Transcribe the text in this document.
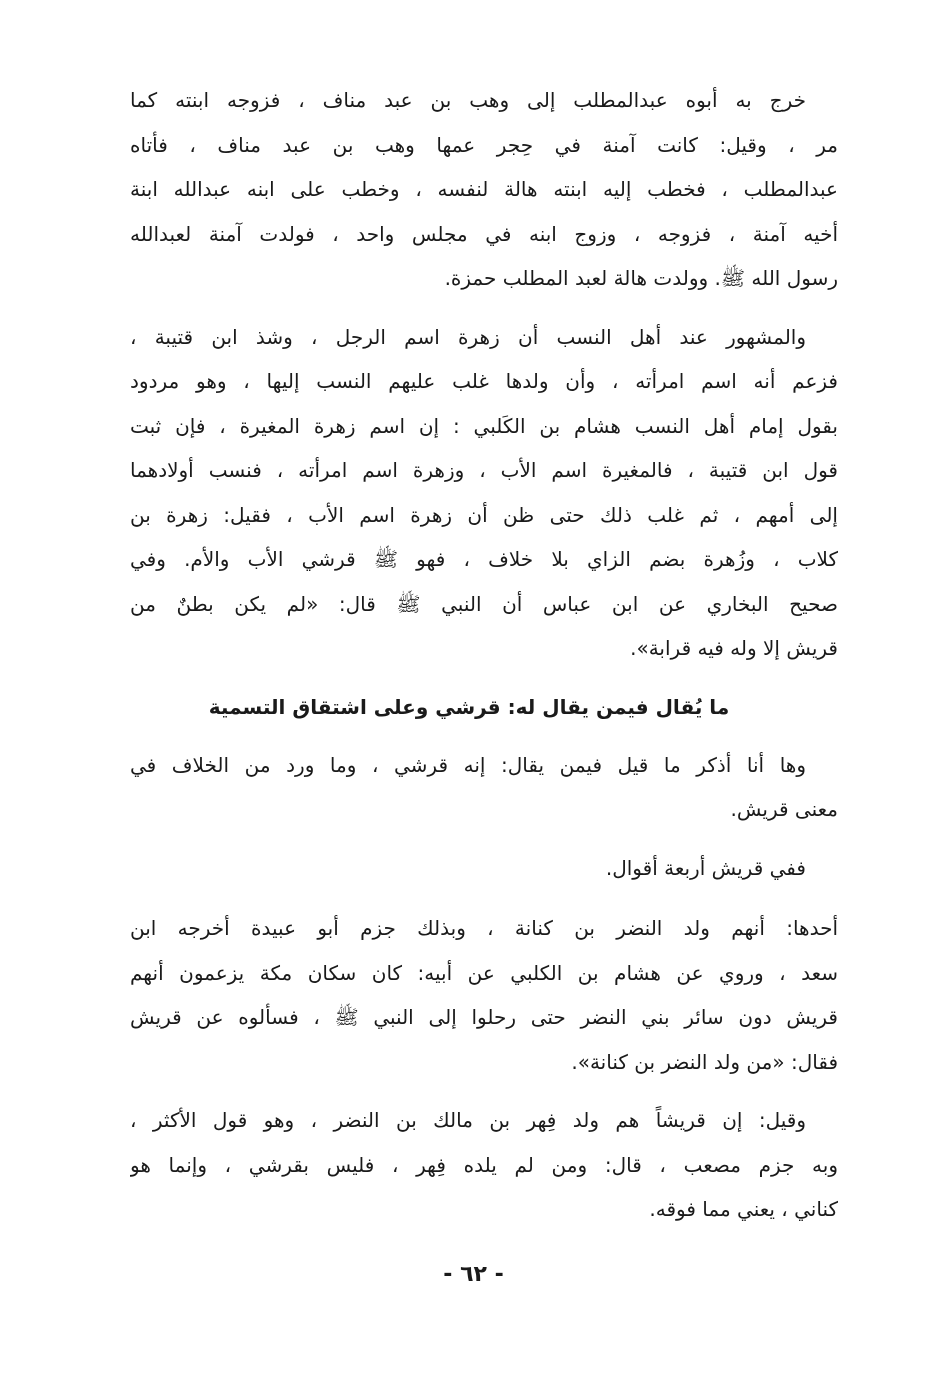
خرج به أبوه عبدالمطلب إلى وهب بن عبد مناف ، فزوجه ابنته كما
مر ، وقيل: كانت آمنة في حِجر عمها وهب بن عبد مناف ، فأتاه
عبدالمطلب ، فخطب إليه ابنته هالة لنفسه ، وخطب على ابنه عبدالله ابنة
أخيه آمنة ، فزوجه ، وزوج ابنه في مجلس واحد ، فولدت آمنة لعبدالله
رسول الله ﷺ. وولدت هالة لعبد المطلب حمزة.

والمشهور عند أهل النسب أن زهرة اسم الرجل ، وشذ ابن قتيبة ،
فزعم أنه اسم امرأته ، وأن ولدها غلب عليهم النسب إليها ، وهو مردود
بقول إمام أهل النسب هشام بن الكَلبي : إن اسم زهرة المغيرة ، فإن ثبت
قول ابن قتيبة ، فالمغيرة اسم الأب ، وزهرة اسم امرأته ، فنسب أولادهما
إلى أمهم ، ثم غلب ذلك حتى ظن أن زهرة اسم الأب ، فقيل: زهرة بن
كلاب ، وزُهرة بضم الزاي بلا خلاف ، فهو ﷺ قرشي الأب والأم. وفي
صحيح البخاري عن ابن عباس أن النبي ﷺ قال: «لم يكن بطنٌ من
قريش إلا وله فيه قرابة».

ما يُقال فيمن يقال له: قرشي وعلى اشتقاق التسمية

وها أنا أذكر ما قيل فيمن يقال: إنه قرشي ، وما ورد من الخلاف في
معنى قريش.

ففي قريش أربعة أقوال.

أحدها: أنهم ولد النضر بن كنانة ، وبذلك جزم أبو عبيدة أخرجه ابن
سعد ، وروي عن هشام بن الكلبي عن أبيه: كان سكان مكة يزعمون أنهم
قريش دون سائر بني النضر حتى رحلوا إلى النبي ﷺ ، فسألوه عن قريش
فقال: «من ولد النضر بن كنانة».

وقيل: إن قريشاً هم ولد فِهر بن مالك بن النضر ، وهو قول الأكثر ،
وبه جزم مصعب ، قال: ومن لم يلده فِهر ، فليس بقرشي ، وإنما هو
كناني ، يعني مما فوقه.

- ٦٢ -
